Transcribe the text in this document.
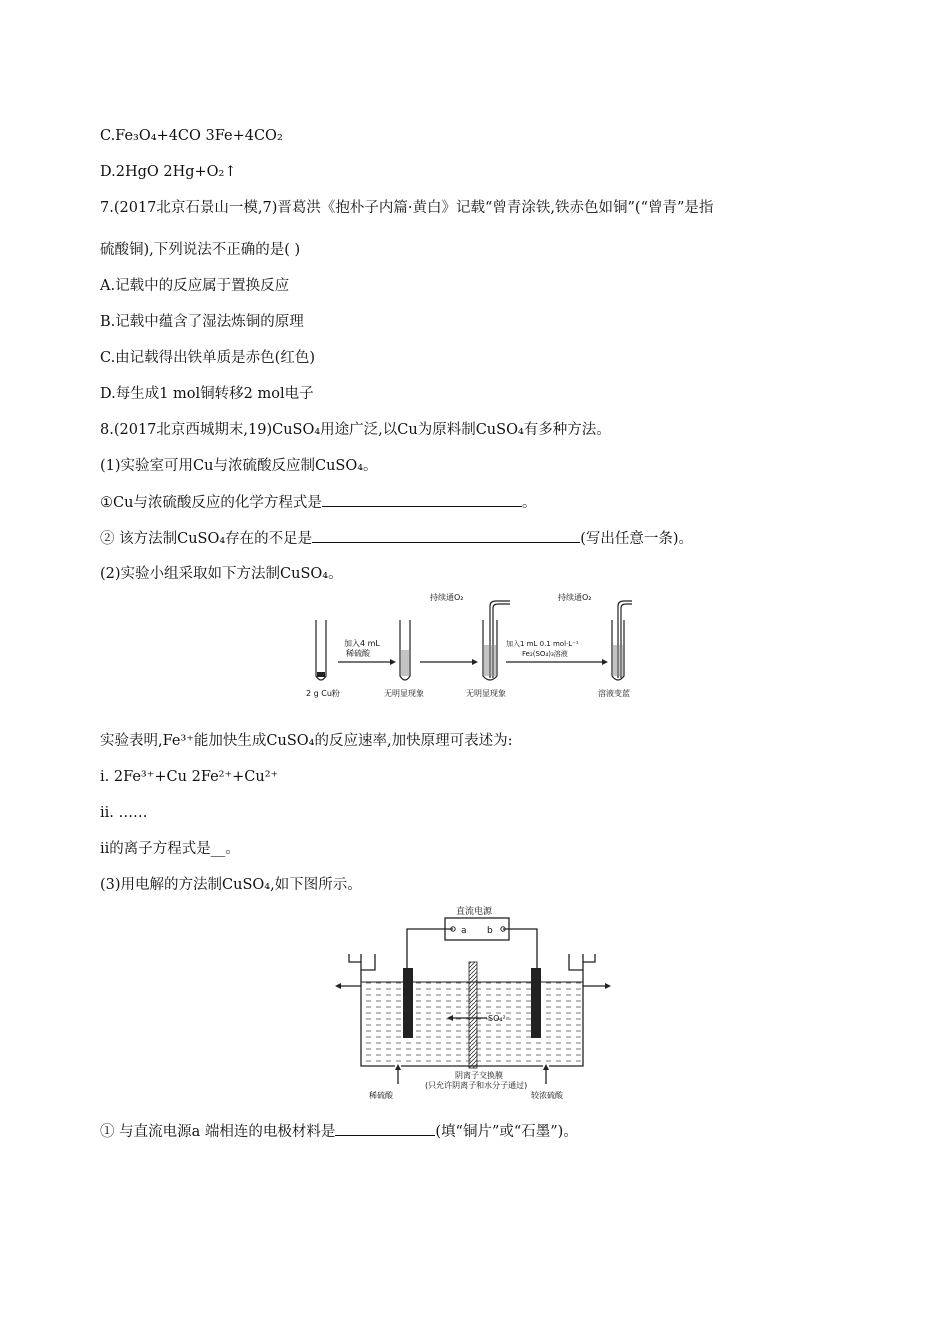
C.Fe₃O₄+4CO 3Fe+4CO₂
D.2HgO 2Hg+O₂↑
7.(2017北京石景山一模,7)晋葛洪《抱朴子内篇·黄白》记载“曾青涂铁,铁赤色如铜”(“曾青”是指
硫酸铜),下列说法不正确的是( )
A.记载中的反应属于置换反应
B.记载中蕴含了湿法炼铜的原理
C.由记载得出铁单质是赤色(红色)
D.每生成1 mol铜转移2 mol电子
8.(2017北京西城期末,19)CuSO₄用途广泛,以Cu为原料制CuSO₄有多种方法。
(1)实验室可用Cu与浓硫酸反应制CuSO₄。
①Cu与浓硫酸反应的化学方程式是	。
② 该方法制CuSO₄存在的不足是	(写出任意一条)。
(2)实验小组采取如下方法制CuSO₄。
持续通O₂	持续通O₂
加入4 mL
稀硫酸
加入1 mL 0.1 mol·L⁻¹
Fe₂(SO₄)₃溶液
2 g Cu粉	无明显现象	无明显现象	溶液变蓝
实验表明,Fe³⁺能加快生成CuSO₄的反应速率,加快原理可表述为:
ⅰ. 2Fe³⁺+Cu 2Fe²⁺+Cu²⁺
ⅱ. ……
ⅱ的离子方程式是__。
(3)用电解的方法制CuSO₄,如下图所示。
直流电源
a b
SO₄²⁻
阴离子交换膜
(只允许阴离子和水分子通过)
稀硫酸	较浓硫酸
① 与直流电源a 端相连的电极材料是	(填“铜片”或“石墨”)。
